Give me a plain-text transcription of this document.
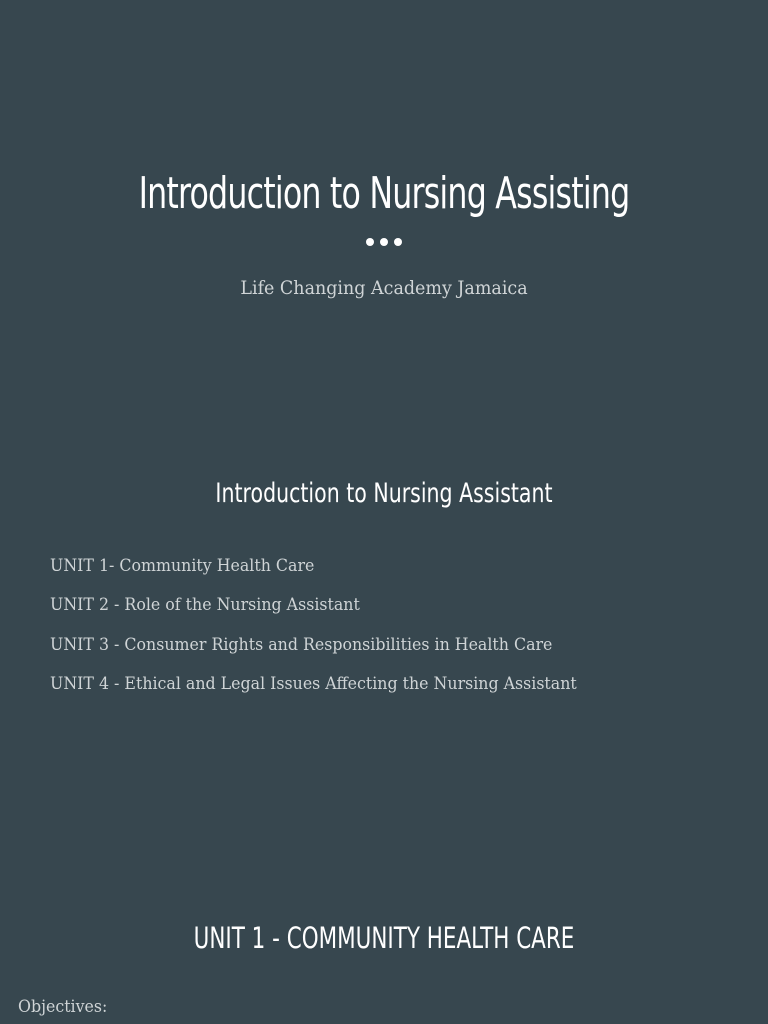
Introduction to Nursing Assisting

Life Changing Academy Jamaica

Introduction to Nursing Assistant
UNIT 1- Community Health Care
UNIT 2 - Role of the Nursing Assistant
UNIT 3 - Consumer Rights and Responsibilities in Health Care
UNIT 4 - Ethical and Legal Issues Affecting the Nursing Assistant
UNIT 1 - COMMUNITY HEALTH CARE

Objectives:
